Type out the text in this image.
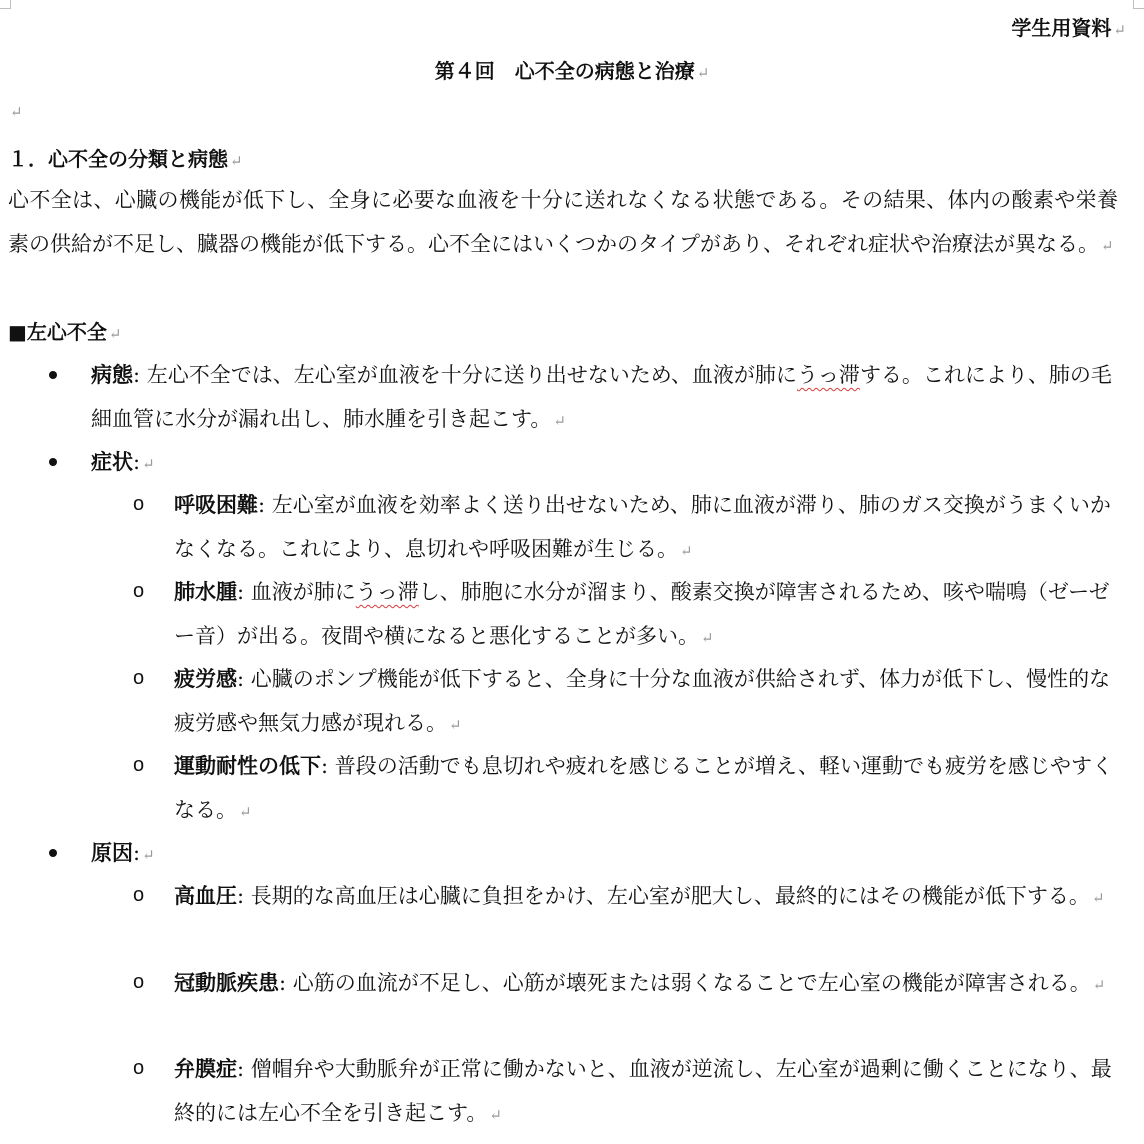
学生用資料 ↵
第４回　心不全の病態と治療 ↵
↵
１．心不全の分類と病態 ↵
心不全は、心臓の機能が低下し、全身に必要な血液を十分に送れなくなる状態である。その結果、体内の酸素や栄養素の供給が不足し、臓器の機能が低下する。心不全にはいくつかのタイプがあり、それぞれ症状や治療法が異なる。 ↵
■左心不全 ↵
病態: 左心不全では、左心室が血液を十分に送り出せないため、血液が肺にうっ滞する。これにより、肺の毛細血管に水分が漏れ出し、肺水腫を引き起こす。 ↵
症状: ↵
o 呼吸困難: 左心室が血液を効率よく送り出せないため、肺に血液が滞り、肺のガス交換がうまくいかなくなる。これにより、息切れや呼吸困難が生じる。 ↵
o 肺水腫: 血液が肺にうっ滞し、肺胞に水分が溜まり、酸素交換が障害されるため、咳や喘鳴（ゼーゼー音）が出る。夜間や横になると悪化することが多い。 ↵
o 疲労感: 心臓のポンプ機能が低下すると、全身に十分な血液が供給されず、体力が低下し、慢性的な疲労感や無気力感が現れる。 ↵
o 運動耐性の低下: 普段の活動でも息切れや疲れを感じることが増え、軽い運動でも疲労を感じやすくなる。 ↵
原因: ↵
o 高血圧: 長期的な高血圧は心臓に負担をかけ、左心室が肥大し、最終的にはその機能が低下する。 ↵
o 冠動脈疾患: 心筋の血流が不足し、心筋が壊死または弱くなることで左心室の機能が障害される。 ↵
o 弁膜症: 僧帽弁や大動脈弁が正常に働かないと、血液が逆流し、左心室が過剰に働くことになり、最終的には左心不全を引き起こす。 ↵
